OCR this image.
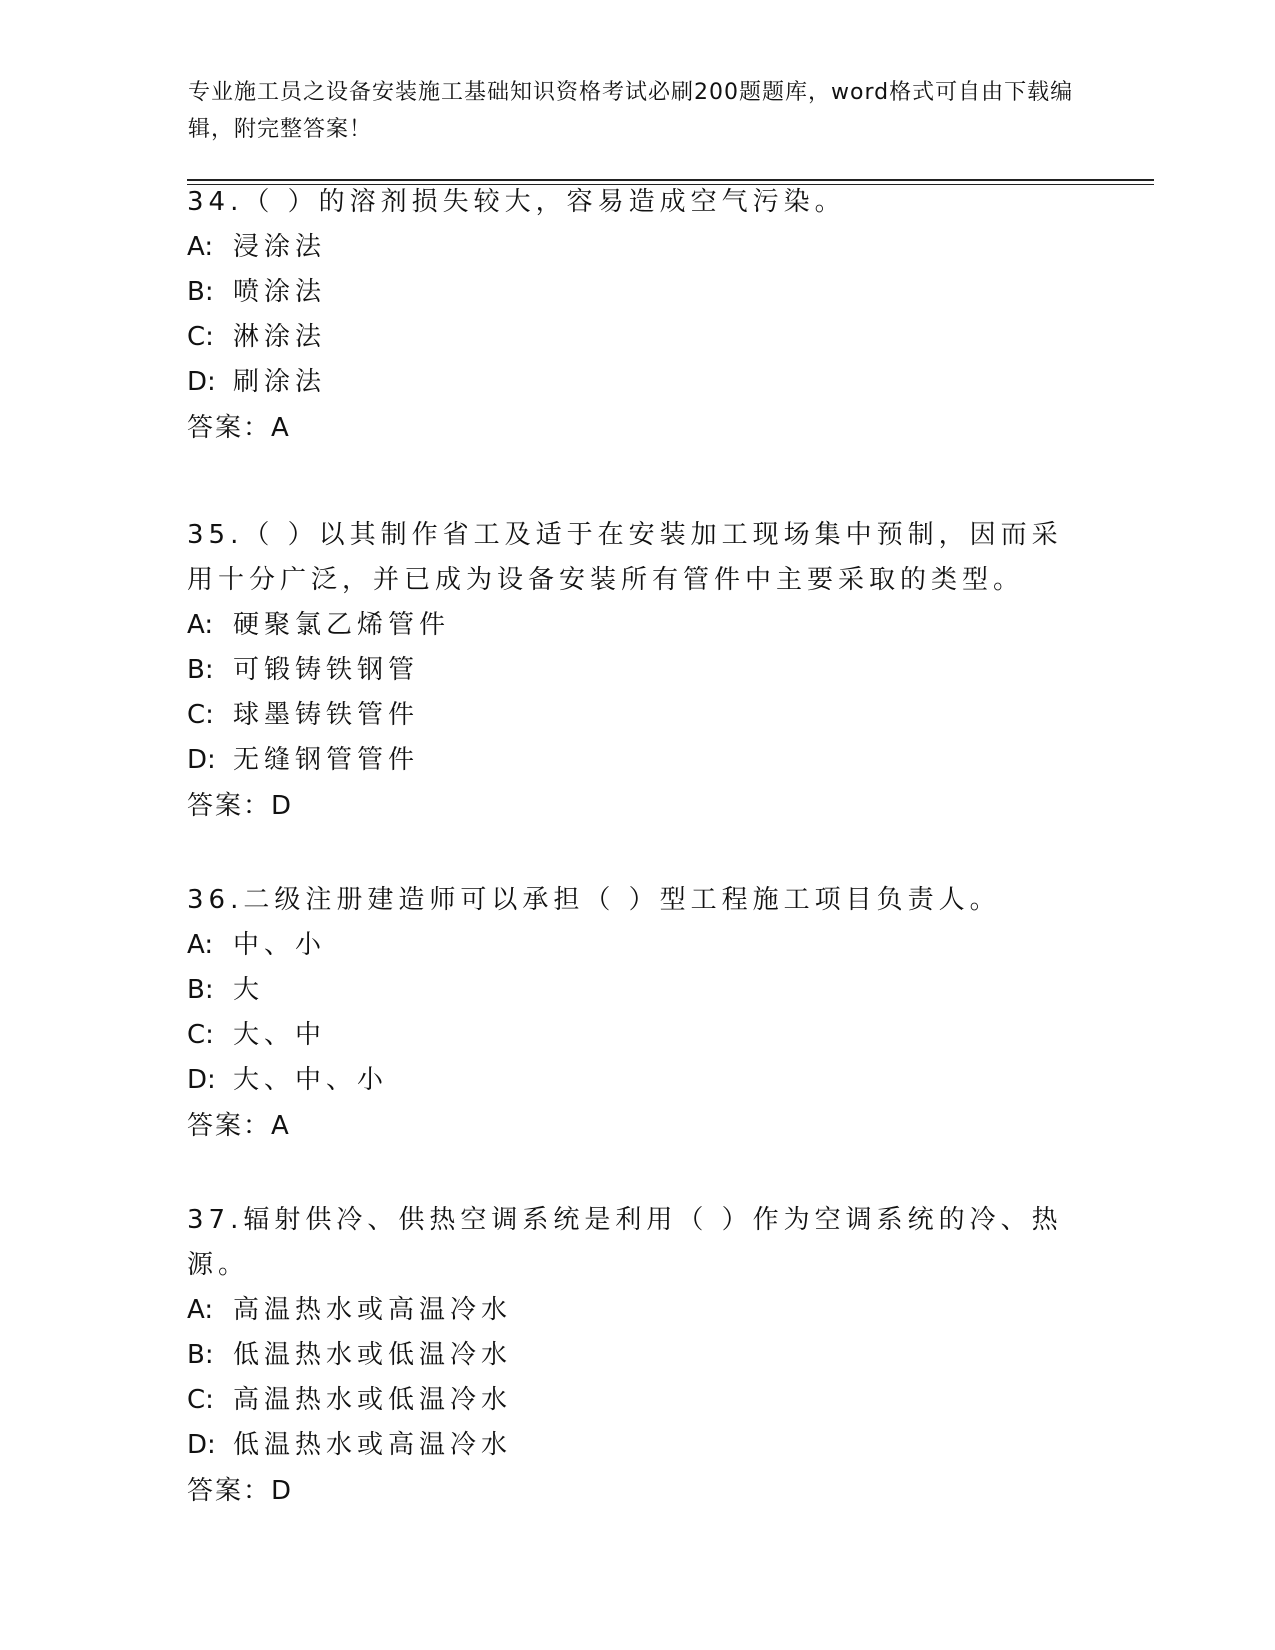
专业施工员之设备安装施工基础知识资格考试必刷200题题库，word格式可自由下载编辑，附完整答案！

34.（ ）的溶剂损失较大，容易造成空气污染。

A: 浸涂法

B: 喷涂法

C: 淋涂法

D: 刷涂法

答案：A

35.（ ）以其制作省工及适于在安装加工现场集中预制，因而采用十分广泛，并已成为设备安装所有管件中主要采取的类型。

A: 硬聚氯乙烯管件

B: 可锻铸铁钢管

C: 球墨铸铁管件

D: 无缝钢管管件

答案：D

36.二级注册建造师可以承担（ ）型工程施工项目负责人。

A: 中、小

B: 大

C: 大、中

D: 大、中、小

答案：A

37.辐射供冷、供热空调系统是利用（ ）作为空调系统的冷、热源。

A: 高温热水或高温冷水

B: 低温热水或低温冷水

C: 高温热水或低温冷水

D: 低温热水或高温冷水

答案：D
